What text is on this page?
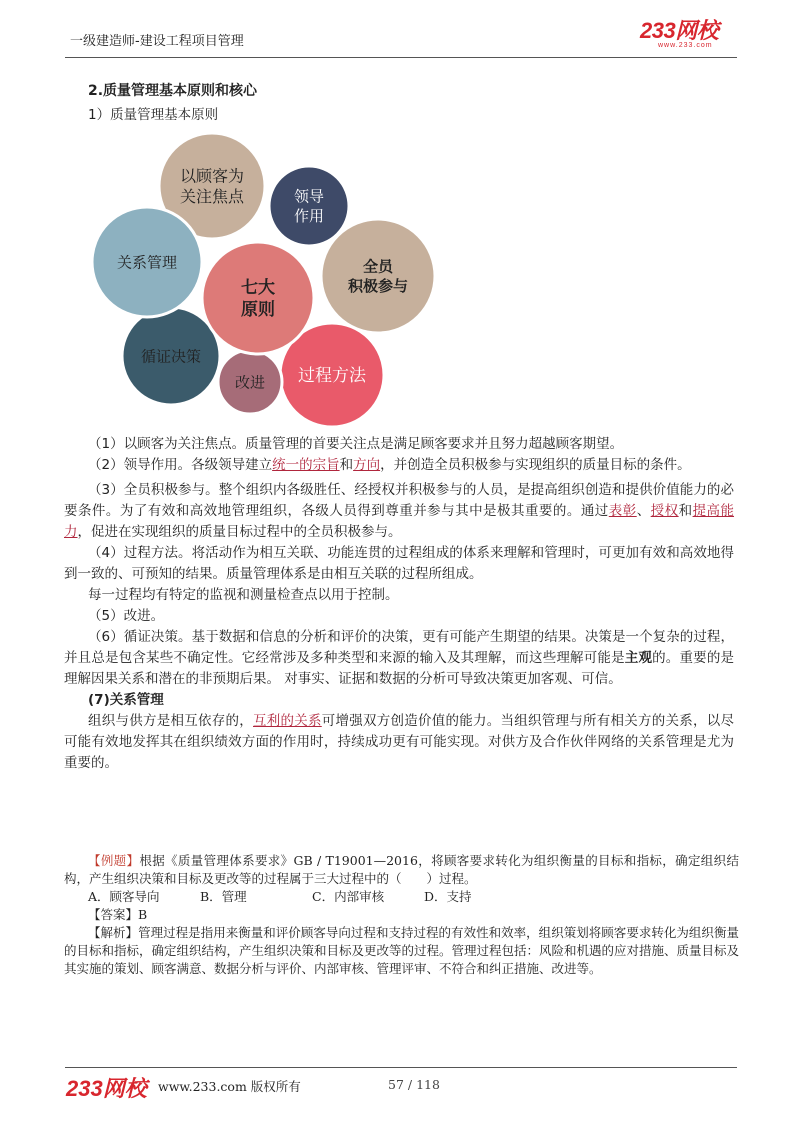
一级建造师-建设工程项目管理	233网校
www.233.com
2.质量管理基本原则和核心
1）质量管理基本原则
以顾客为关注焦点	领导作用
全员积极参与
过程方法
改进
循证决策
关系管理
七大原则

（1）以顾客为关注焦点。质量管理的首要关注点是满足顾客要求并且努力超越顾客期望。

（2）领导作用。各级领导建立统一的宗旨和方向，并创造全员积极参与实现组织的质量目标的条件。

（3）全员积极参与。整个组织内各级胜任、经授权并积极参与的人员，是提高组织创造和提供价值能力的必要条件。为了有效和高效地管理组织，各级人员得到尊重并参与其中是极其重要的。通过表彰、授权和提高能力，促进在实现组织的质量目标过程中的全员积极参与。

（4）过程方法。将活动作为相互关联、功能连贯的过程组成的体系来理解和管理时，可更加有效和高效地得到一致的、可预知的结果。质量管理体系是由相互关联的过程所组成。

每一过程均有特定的监视和测量检查点以用于控制。

（5）改进。

（6）循证决策。基于数据和信息的分析和评价的决策，更有可能产生期望的结果。决策是一个复杂的过程，并且总是包含某些不确定性。它经常涉及多种类型和来源的输入及其理解，而这些理解可能是主观的。重要的是理解因果关系和潜在的非预期后果。 对事实、证据和数据的分析可导致决策更加客观、可信。

(7)关系管理

组织与供方是相互依存的，互利的关系可增强双方创造价值的能力。当组织管理与所有相关方的关系，以尽可能有效地发挥其在组织绩效方面的作用时，持续成功更有可能实现。对供方及合作伙伴网络的关系管理是尤为重要的。

【例题】根据《质量管理体系要求》GB / T19001—2016，将顾客要求转化为组织衡量的目标和指标，确定组织结构，产生组织决策和目标及更改等的过程属于三大过程中的（　　）过程。

A．顾客导向	B．管理	C．内部审核	D．支持

【答案】B

【解析】管理过程是指用来衡量和评价顾客导向过程和支持过程的有效性和效率，组织策划将顾客要求转化为组织衡量的目标和指标，确定组织结构，产生组织决策和目标及更改等的过程。管理过程包括：风险和机遇的应对措施、质量目标及其实施的策划、顾客满意、数据分析与评价、内部审核、管理评审、不符合和纠正措施、改进等。

233网校 www.233.com 版权所有	57 / 118
